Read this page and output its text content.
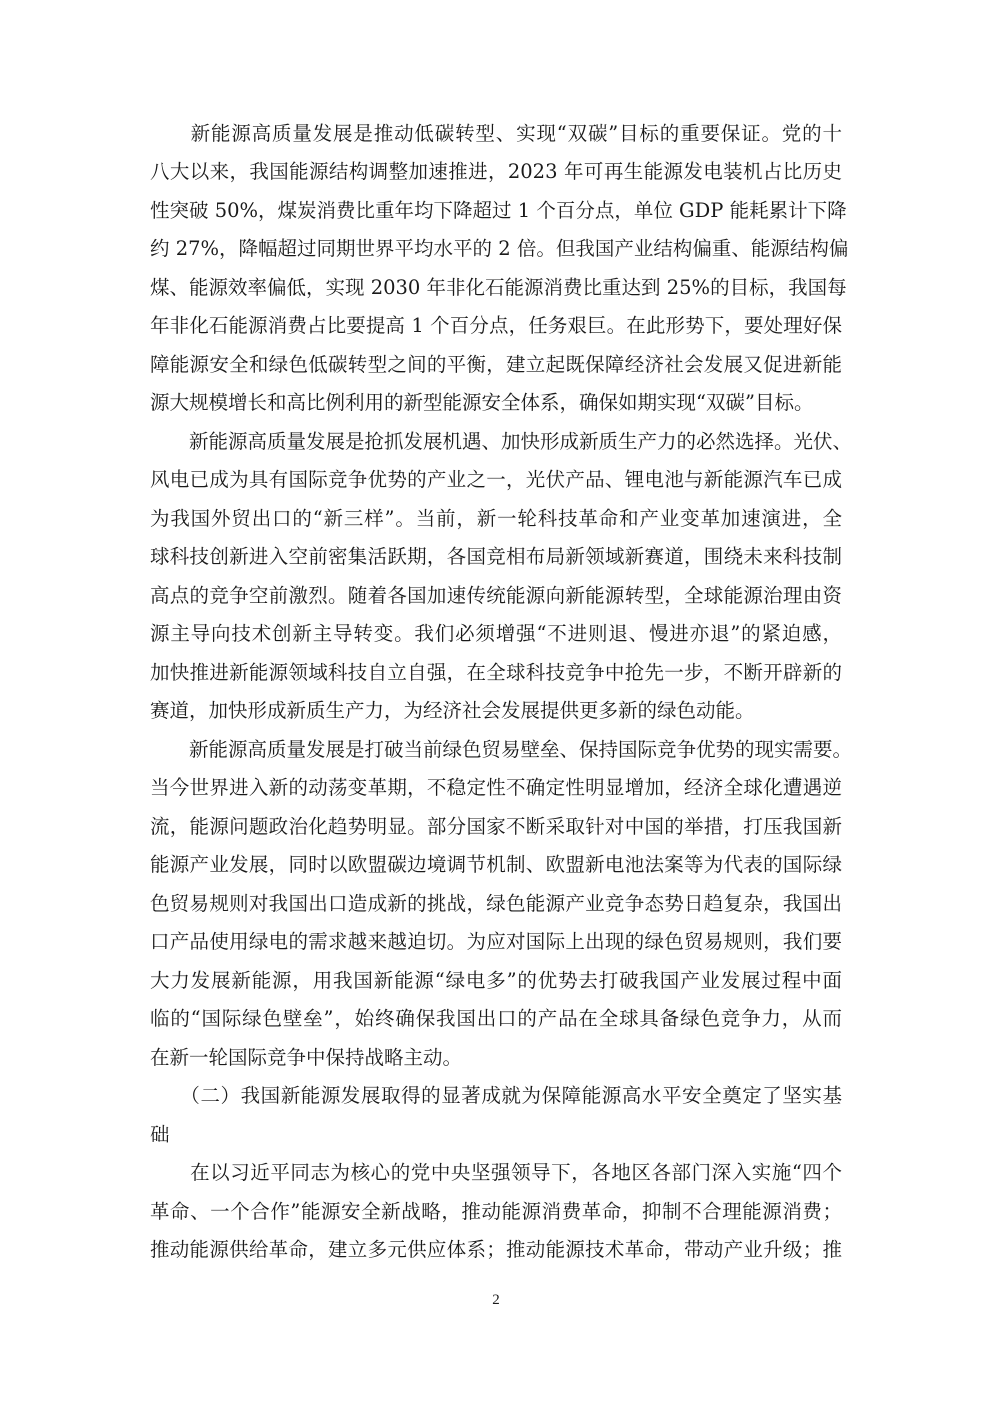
　　新能源高质量发展是推动低碳转型、实现“双碳”目标的重要保证。党的十
八大以来，我国能源结构调整加速推进，2023 年可再生能源发电装机占比历史
性突破 50%，煤炭消费比重年均下降超过 1 个百分点，单位 GDP 能耗累计下降
约 27%，降幅超过同期世界平均水平的 2 倍。但我国产业结构偏重、能源结构偏
煤、能源效率偏低，实现 2030 年非化石能源消费比重达到 25%的目标，我国每
年非化石能源消费占比要提高 1 个百分点，任务艰巨。在此形势下，要处理好保
障能源安全和绿色低碳转型之间的平衡，建立起既保障经济社会发展又促进新能
源大规模增长和高比例利用的新型能源安全体系，确保如期实现“双碳”目标。
　　新能源高质量发展是抢抓发展机遇、加快形成新质生产力的必然选择。光伏、
风电已成为具有国际竞争优势的产业之一，光伏产品、锂电池与新能源汽车已成
为我国外贸出口的“新三样”。当前，新一轮科技革命和产业变革加速演进，全
球科技创新进入空前密集活跃期，各国竞相布局新领域新赛道，围绕未来科技制
高点的竞争空前激烈。随着各国加速传统能源向新能源转型，全球能源治理由资
源主导向技术创新主导转变。我们必须增强“不进则退、慢进亦退”的紧迫感，
加快推进新能源领域科技自立自强，在全球科技竞争中抢先一步，不断开辟新的
赛道，加快形成新质生产力，为经济社会发展提供更多新的绿色动能。
　　新能源高质量发展是打破当前绿色贸易壁垒、保持国际竞争优势的现实需要。
当今世界进入新的动荡变革期，不稳定性不确定性明显增加，经济全球化遭遇逆
流，能源问题政治化趋势明显。部分国家不断采取针对中国的举措，打压我国新
能源产业发展，同时以欧盟碳边境调节机制、欧盟新电池法案等为代表的国际绿
色贸易规则对我国出口造成新的挑战，绿色能源产业竞争态势日趋复杂，我国出
口产品使用绿电的需求越来越迫切。为应对国际上出现的绿色贸易规则，我们要
大力发展新能源，用我国新能源“绿电多”的优势去打破我国产业发展过程中面
临的“国际绿色壁垒”，始终确保我国出口的产品在全球具备绿色竞争力，从而
在新一轮国际竞争中保持战略主动。
　　（二）我国新能源发展取得的显著成就为保障能源高水平安全奠定了坚实基
础
　　在以习近平同志为核心的党中央坚强领导下，各地区各部门深入实施“四个
革命、一个合作”能源安全新战略，推动能源消费革命，抑制不合理能源消费；
推动能源供给革命，建立多元供应体系；推动能源技术革命，带动产业升级；推
2
